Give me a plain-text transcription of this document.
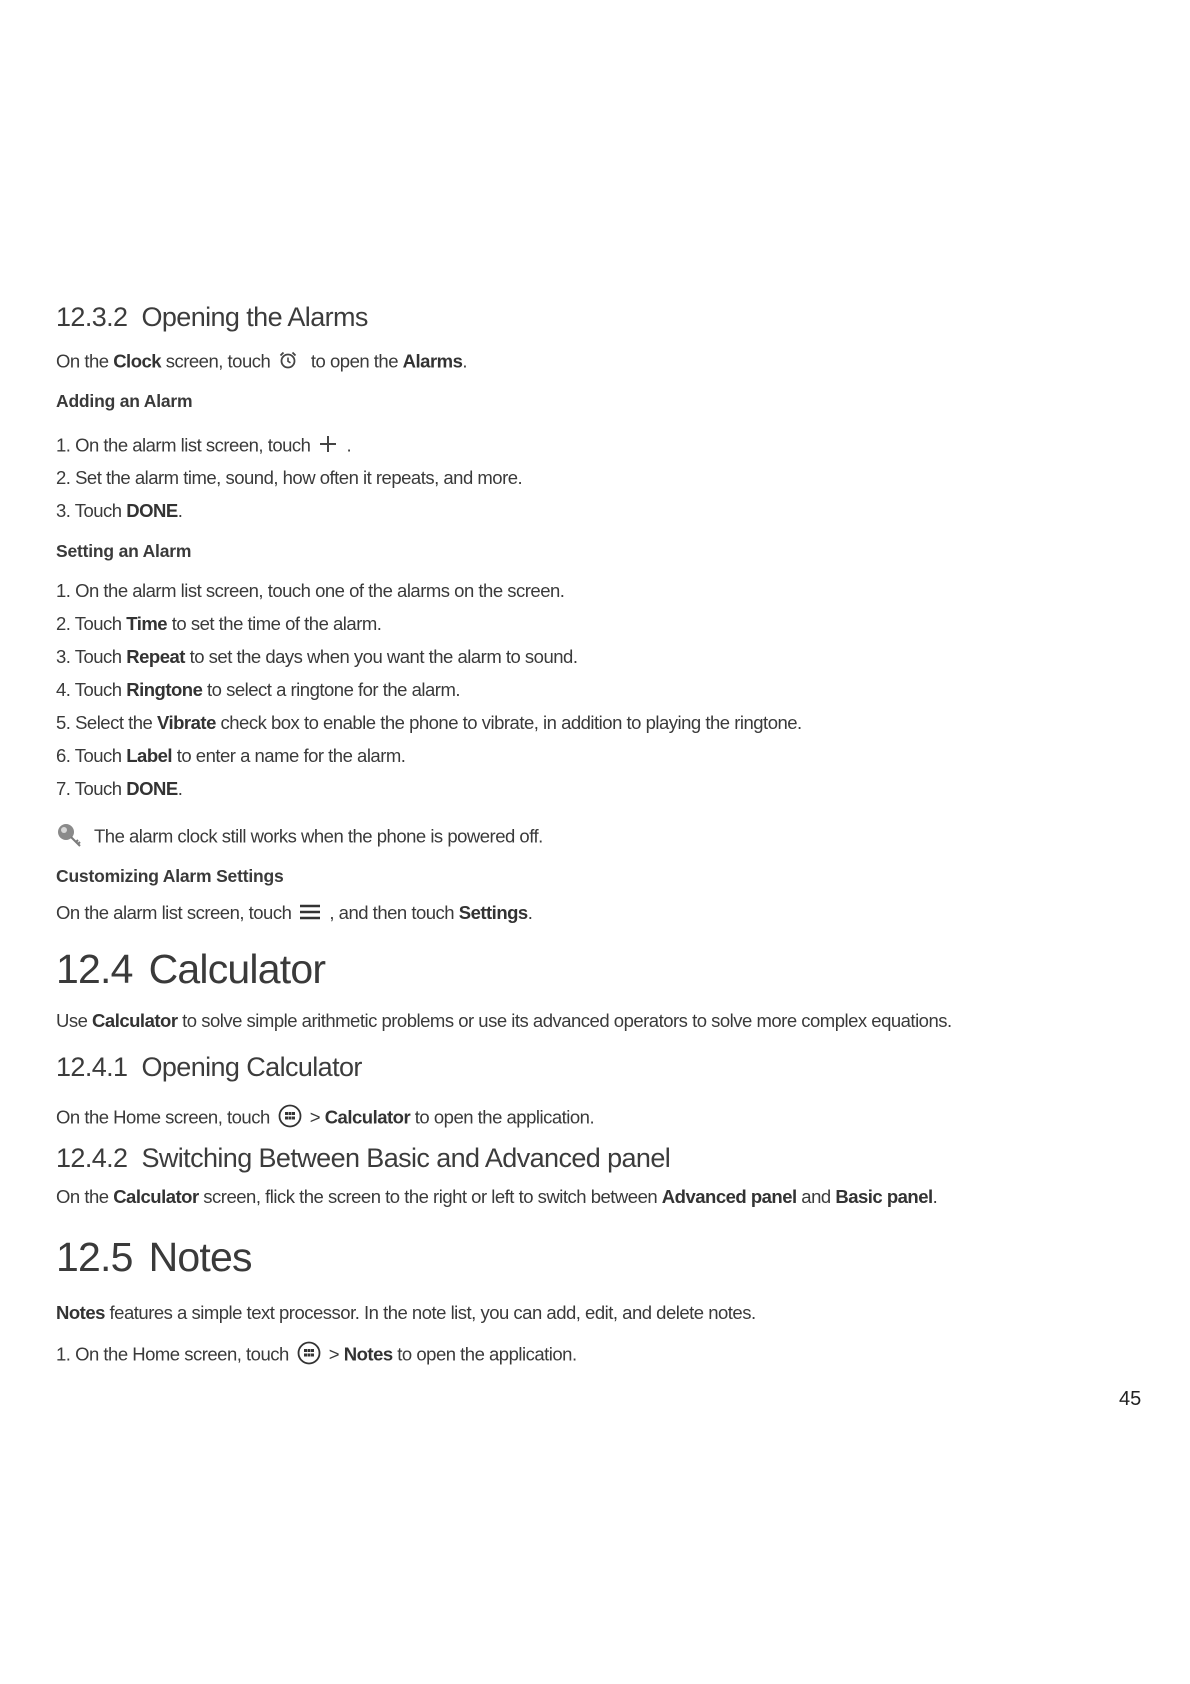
12.3.2 Opening the Alarms
On the Clock screen, touch to open the Alarms.
Adding an Alarm
1. On the alarm list screen, touch .
2. Set the alarm time, sound, how often it repeats, and more.
3. Touch DONE.
Setting an Alarm
1. On the alarm list screen, touch one of the alarms on the screen.
2. Touch Time to set the time of the alarm.
3. Touch Repeat to set the days when you want the alarm to sound.
4. Touch Ringtone to select a ringtone for the alarm.
5. Select the Vibrate check box to enable the phone to vibrate, in addition to playing the ringtone.
6. Touch Label to enter a name for the alarm.
7. Touch DONE.
The alarm clock still works when the phone is powered off.
Customizing Alarm Settings
On the alarm list screen, touch , and then touch Settings.
12.4 Calculator
Use Calculator to solve simple arithmetic problems or use its advanced operators to solve more complex equations.
12.4.1 Opening Calculator
On the Home screen, touch > Calculator to open the application.
12.4.2 Switching Between Basic and Advanced panel
On the Calculator screen, flick the screen to the right or left to switch between Advanced panel and Basic panel.
12.5 Notes
Notes features a simple text processor. In the note list, you can add, edit, and delete notes.
1. On the Home screen, touch > Notes to open the application.
45
